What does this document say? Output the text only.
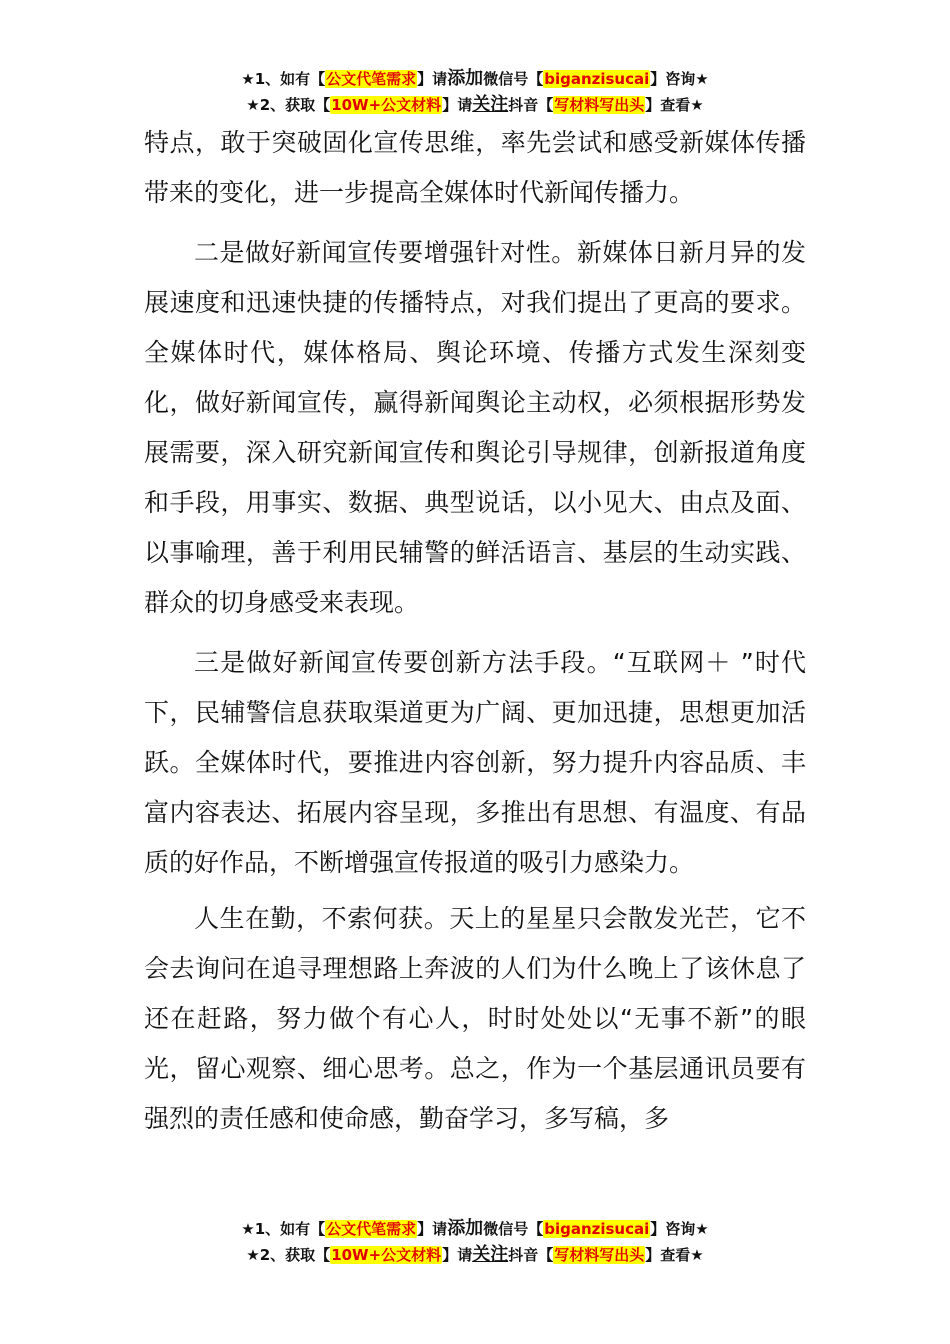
★1、如有【公文代笔需求】请添加微信号【biganzisucai】咨询★
★2、获取【10W+公文材料】请关注抖音【写材料写出头】查看★

特点，敢于突破固化宣传思维，率先尝试和感受新媒体传播带来的变化，进一步提高全媒体时代新闻传播力。

二是做好新闻宣传要增强针对性。新媒体日新月异的发展速度和迅速快捷的传播特点，对我们提出了更高的要求。全媒体时代，媒体格局、舆论环境、传播方式发生深刻变化，做好新闻宣传，赢得新闻舆论主动权，必须根据形势发展需要，深入研究新闻宣传和舆论引导规律，创新报道角度和手段，用事实、数据、典型说话，以小见大、由点及面、以事喻理，善于利用民辅警的鲜活语言、基层的生动实践、群众的切身感受来表现。

三是做好新闻宣传要创新方法手段。“互联网＋ ”时代下，民辅警信息获取渠道更为广阔、更加迅捷，思想更加活跃。全媒体时代，要推进内容创新，努力提升内容品质、丰富内容表达、拓展内容呈现，多推出有思想、有温度、有品质的好作品，不断增强宣传报道的吸引力感染力。

人生在勤，不索何获。天上的星星只会散发光芒，它不会去询问在追寻理想路上奔波的人们为什么晚上了该休息了还在赶路，努力做个有心人，时时处处以“无事不新”的眼光，留心观察、细心思考。总之，作为一个基层通讯员要有强烈的责任感和使命感，勤奋学习，多写稿，多

★1、如有【公文代笔需求】请添加微信号【biganzisucai】咨询★
★2、获取【10W+公文材料】请关注抖音【写材料写出头】查看★
